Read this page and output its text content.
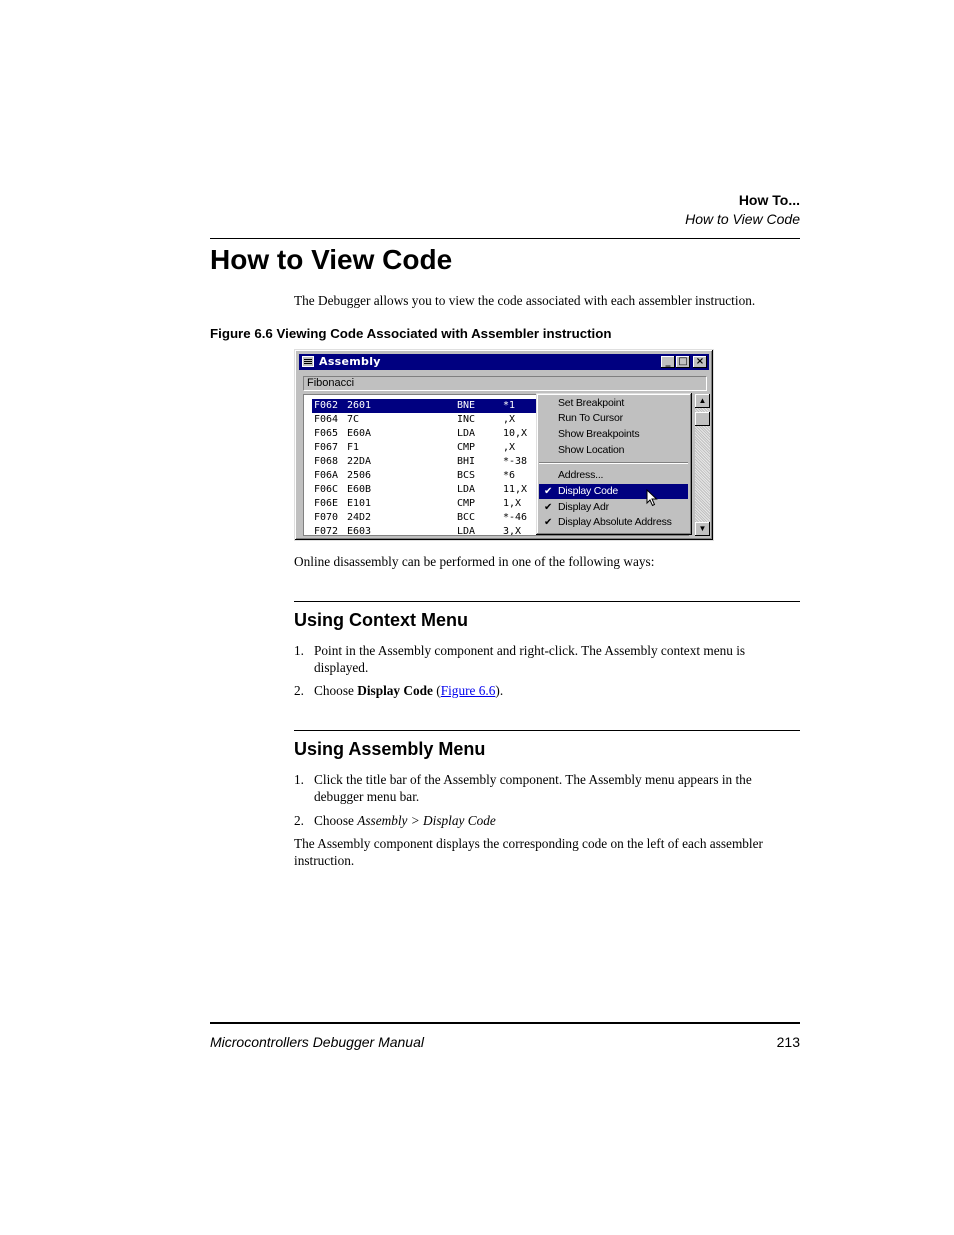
How To...
How to View Code
How to View Code
The Debugger allows you to view the code associated with each assembler instruction.
Figure 6.6 Viewing Code Associated with Assembler instruction
Assembly	_ □ ×
Fibonacci
F062 2601	BNE	*1
F064 7C	INC	,X
F065 E60A	LDA	10,X
F067 F1	CMP	,X
F068 22DA	BHI	*-38
F06A 2506	BCS	*6
F06C E60B	LDA	11,X
F06E E101	CMP	1,X
F070 24D2	BCC	*-46
F072 E603	LDA	3,X
▲
▼
Set Breakpoint
Run To Cursor
Show Breakpoints
Show Location
Address...
✔ Display Code
✔ Display Adr
✔ Display Absolute Address
Online disassembly can be performed in one of the following ways:
Using Context Menu
1. Point in the Assembly component and right-click. The Assembly context menu is displayed.
2. Choose Display Code (Figure 6.6).
Using Assembly Menu
1. Click the title bar of the Assembly component. The Assembly menu appears in the debugger menu bar.
2. Choose Assembly > Display Code
The Assembly component displays the corresponding code on the left of each assembler instruction.
Microcontrollers Debugger Manual	213
